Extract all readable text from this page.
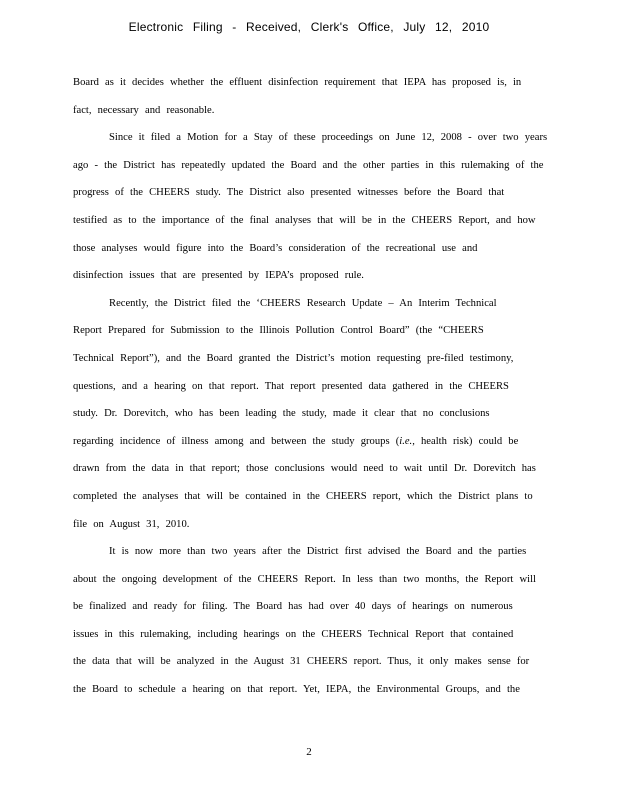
Electronic Filing - Received, Clerk's Office, July 12, 2010
Board as it decides whether the effluent disinfection requirement that IEPA has proposed is, in
fact, necessary and reasonable.
Since it filed a Motion for a Stay of these proceedings on June 12, 2008 - over two years
ago - the District has repeatedly updated the Board and the other parties in this rulemaking of the
progress of the CHEERS study. The District also presented witnesses before the Board that
testified as to the importance of the final analyses that will be in the CHEERS Report, and how
those analyses would figure into the Board’s consideration of the recreational use and
disinfection issues that are presented by IEPA’s proposed rule.
Recently, the District filed the ‘CHEERS Research Update – An Interim Technical
Report Prepared for Submission to the Illinois Pollution Control Board” (the “CHEERS
Technical Report”), and the Board granted the District’s motion requesting pre-filed testimony,
questions, and a hearing on that report. That report presented data gathered in the CHEERS
study. Dr. Dorevitch, who has been leading the study, made it clear that no conclusions
regarding incidence of illness among and between the study groups (i.e., health risk) could be
drawn from the data in that report; those conclusions would need to wait until Dr. Dorevitch has
completed the analyses that will be contained in the CHEERS report, which the District plans to
file on August 31, 2010.
It is now more than two years after the District first advised the Board and the parties
about the ongoing development of the CHEERS Report. In less than two months, the Report will
be finalized and ready for filing. The Board has had over 40 days of hearings on numerous
issues in this rulemaking, including hearings on the CHEERS Technical Report that contained
the data that will be analyzed in the August 31 CHEERS report. Thus, it only makes sense for
the Board to schedule a hearing on that report. Yet, IEPA, the Environmental Groups, and the
2
